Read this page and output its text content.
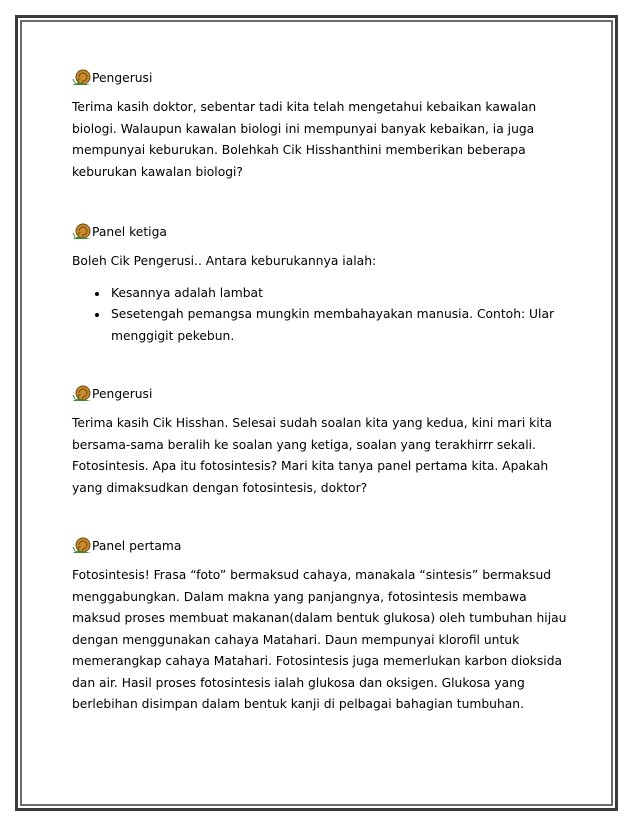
Pengerusi

Terima kasih doktor, sebentar tadi kita telah mengetahui kebaikan kawalan biologi. Walaupun kawalan biologi ini mempunyai banyak kebaikan, ia juga mempunyai keburukan. Bolehkah Cik Hisshanthini memberikan beberapa keburukan kawalan biologi?

Panel ketiga

Boleh Cik Pengerusi.. Antara keburukannya ialah:

• Kesannya adalah lambat
• Sesetengah pemangsa mungkin membahayakan manusia. Contoh: Ular menggigit pekebun.
Pengerusi

Terima kasih Cik Hisshan. Selesai sudah soalan kita yang kedua, kini mari kita bersama-sama beralih ke soalan yang ketiga, soalan yang terakhirrr sekali. Fotosintesis. Apa itu fotosintesis? Mari kita tanya panel pertama kita. Apakah yang dimaksudkan dengan fotosintesis, doktor?

Panel pertama

Fotosintesis! Frasa “foto” bermaksud cahaya, manakala “sintesis” bermaksud menggabungkan. Dalam makna yang panjangnya, fotosintesis membawa maksud proses membuat makanan(dalam bentuk glukosa) oleh tumbuhan hijau dengan menggunakan cahaya Matahari. Daun mempunyai klorofil untuk memerangkap cahaya Matahari. Fotosintesis juga memerlukan karbon dioksida dan air. Hasil proses fotosintesis ialah glukosa dan oksigen. Glukosa yang berlebihan disimpan dalam bentuk kanji di pelbagai bahagian tumbuhan.
